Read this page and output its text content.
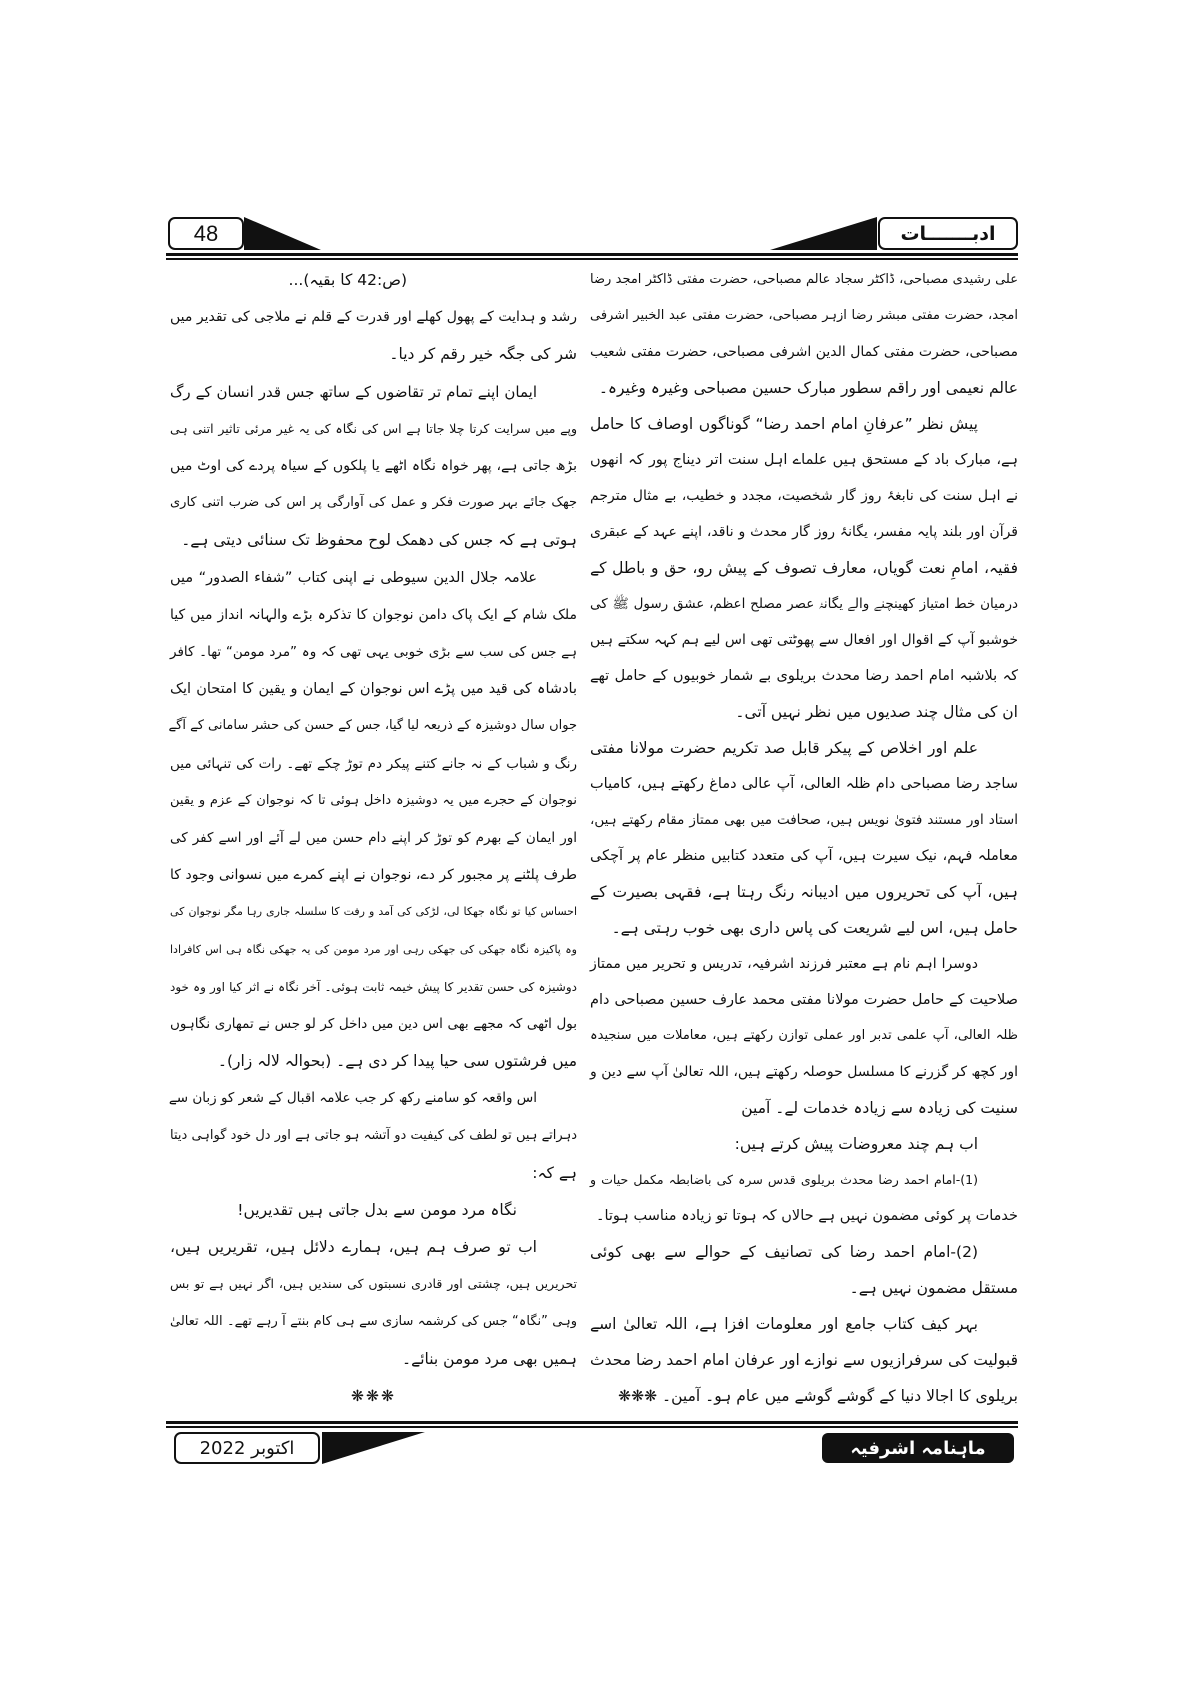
48	ادبـــــــات
(ص:42 کا بقیہ)...
رشد و ہدایت کے پھول کھلے اور قدرت کے قلم نے ملاجی کی تقدیر میں
شر کی جگہ خیر رقم کر دیا۔
ایمان اپنے تمام تر تقاضوں کے ساتھ جس قدر انسان کے رگ
وپے میں سرایت کرتا چلا جاتا ہے اس کی نگاہ کی یہ غیر مرئی تاثیر اتنی ہی
بڑھ جاتی ہے، پھر خواہ نگاہ اٹھے یا پلکوں کے سیاہ پردے کی اوٹ میں
جھک جائے بہر صورت فکر و عمل کی آوارگی پر اس کی ضرب اتنی کاری
ہوتی ہے کہ جس کی دھمک لوح محفوظ تک سنائی دیتی ہے۔
علامہ جلال الدین سیوطی نے اپنی کتاب ”شفاء الصدور“ میں
ملک شام کے ایک پاک دامن نوجوان کا تذکرہ بڑے والہانہ انداز میں کیا
ہے جس کی سب سے بڑی خوبی یہی تھی کہ وہ ”مرد مومن“ تھا۔ کافر
بادشاہ کی قید میں پڑے اس نوجوان کے ایمان و یقین کا امتحان ایک
جواں سال دوشیزہ کے ذریعہ لیا گیا، جس کے حسن کی حشر سامانی کے آگے
رنگ و شباب کے نہ جانے کتنے پیکر دم توڑ چکے تھے۔ رات کی تنہائی میں
نوجوان کے حجرے میں یہ دوشیزہ داخل ہوئی تا کہ نوجوان کے عزم و یقین
اور ایمان کے بھرم کو توڑ کر اپنے دام حسن میں لے آئے اور اسے کفر کی
طرف پلٹنے پر مجبور کر دے، نوجوان نے اپنے کمرے میں نسوانی وجود کا
احساس کیا تو نگاہ جھکا لی، لڑکی کی آمد و رفت کا سلسلہ جاری رہا مگر نوجوان کی
وہ پاکیزہ نگاہ جھکی کی جھکی رہی اور مرد مومن کی یہ جھکی نگاہ ہی اس کافرادا
دوشیزہ کی حسن تقدیر کا پیش خیمہ ثابت ہوئی۔ آخر نگاہ نے اثر کیا اور وہ خود
بول اٹھی کہ مجھے بھی اس دین میں داخل کر لو جس نے تمھاری نگاہوں
میں فرشتوں سی حیا پیدا کر دی ہے۔ (بحوالہ لالہ زار)۔
اس واقعہ کو سامنے رکھ کر جب علامہ اقبال کے شعر کو زبان سے
دہراتے ہیں تو لطف کی کیفیت دو آتشہ ہو جاتی ہے اور دل خود گواہی دیتا
ہے کہ:
نگاہ مرد مومن سے بدل جاتی ہیں تقدیریں!
اب تو صرف ہم ہیں، ہمارے دلائل ہیں، تقریریں ہیں،
تحریریں ہیں، چشتی اور قادری نسبتوں کی سندیں ہیں، اگر نہیں ہے تو بس
وہی ”نگاہ“ جس کی کرشمہ سازی سے ہی کام بنتے آ رہے تھے۔ اللہ تعالیٰ
ہمیں بھی مرد مومن بنائے۔
❋❋❋
علی رشیدی مصباحی، ڈاکٹر سجاد عالم مصباحی، حضرت مفتی ڈاکٹر امجد رضا
امجد، حضرت مفتی مبشر رضا ازہر مصباحی، حضرت مفتی عبد الخبیر اشرفی
مصباحی، حضرت مفتی کمال الدین اشرفی مصباحی، حضرت مفتی شعیب
عالم نعیمی اور راقم سطور مبارک حسین مصباحی وغیرہ وغیرہ۔
پیش نظر ”عرفانِ امام احمد رضا“ گوناگوں اوصاف کا حامل
ہے، مبارک باد کے مستحق ہیں علماے اہل سنت اتر دیناج پور کہ انھوں
نے اہل سنت کی نابغۂ روز گار شخصیت، مجدد و خطیب، بے مثال مترجم
قرآن اور بلند پایہ مفسر، یگانۂ روز گار محدث و ناقد، اپنے عہد کے عبقری
فقیہ، امامِ نعت گویاں، معارف تصوف کے پیش رو، حق و باطل کے
درمیان خط امتیاز کھینچنے والے یگانۂ عصر مصلح اعظم، عشق رسول ﷺ کی
خوشبو آپ کے اقوال اور افعال سے پھوٹتی تھی اس لیے ہم کہہ سکتے ہیں
کہ بلاشبہ امام احمد رضا محدث بریلوی بے شمار خوبیوں کے حامل تھے
ان کی مثال چند صدیوں میں نظر نہیں آتی۔
علم اور اخلاص کے پیکر قابل صد تکریم حضرت مولانا مفتی
ساجد رضا مصباحی دام ظلہ العالی، آپ عالی دماغ رکھتے ہیں، کامیاب
استاد اور مستند فتویٰ نویس ہیں، صحافت میں بھی ممتاز مقام رکھتے ہیں،
معاملہ فہم، نیک سیرت ہیں، آپ کی متعدد کتابیں منظر عام پر آچکی
ہیں، آپ کی تحریروں میں ادیبانہ رنگ رہتا ہے، فقہی بصیرت کے
حامل ہیں، اس لیے شریعت کی پاس داری بھی خوب رہتی ہے۔
دوسرا اہم نام ہے معتبر فرزند اشرفیہ، تدریس و تحریر میں ممتاز
صلاحیت کے حامل حضرت مولانا مفتی محمد عارف حسین مصباحی دام
ظلہ العالی، آپ علمی تدبر اور عملی توازن رکھتے ہیں، معاملات میں سنجیدہ
اور کچھ کر گزرنے کا مسلسل حوصلہ رکھتے ہیں، اللہ تعالیٰ آپ سے دین و
سنیت کی زیادہ سے زیادہ خدمات لے۔ آمین
اب ہم چند معروضات پیش کرتے ہیں:
(1)-امام احمد رضا محدث بریلوی قدس سرہ کی باضابطہ مکمل حیات و
خدمات پر کوئی مضمون نہیں ہے حالاں کہ ہوتا تو زیادہ مناسب ہوتا۔
(2)-امام احمد رضا کی تصانیف کے حوالے سے بھی کوئی
مستقل مضمون نہیں ہے۔
بہر کیف کتاب جامع اور معلومات افزا ہے، اللہ تعالیٰ اسے
قبولیت کی سرفرازیوں سے نوازے اور عرفان امام احمد رضا محدث
بریلوی کا اجالا دنیا کے گوشے گوشے میں عام ہو۔ آمین۔ ❋❋❋
اکتوبر 2022	ماہنامہ اشرفیہ
